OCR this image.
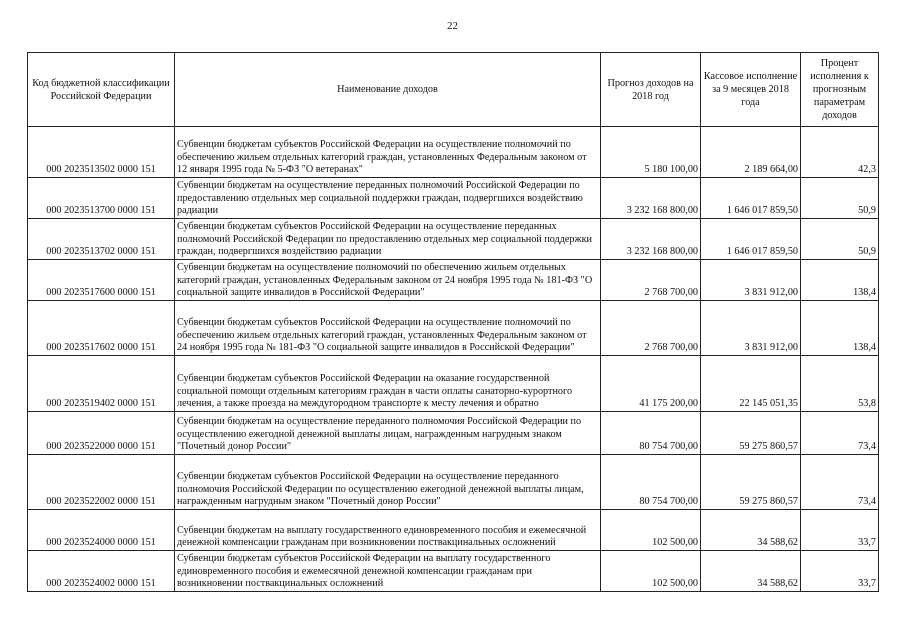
22
Код бюджетной классификации Российской Федерации	Наименование доходов	Прогноз доходов на 2018 год	Кассовое исполнение за 9 месяцев 2018 года	Процент исполнения к прогнозным параметрам доходов
000 2023513502 0000 151	Субвенции бюджетам субъектов Российской Федерации на осуществление полномочий по обеспечению жильем отдельных категорий граждан, установленных Федеральным законом от 12 января 1995 года № 5-ФЗ "О ветеранах"	5 180 100,00	2 189 664,00	42,3
000 2023513700 0000 151	Субвенции бюджетам на осуществление переданных полномочий Российской Федерации по предоставлению отдельных мер социальной поддержки граждан, подвергшихся воздействию радиации	3 232 168 800,00	1 646 017 859,50	50,9
000 2023513702 0000 151	Субвенции бюджетам субъектов Российской Федерации на осуществление переданных полномочий Российской Федерации по предоставлению отдельных мер социальной поддержки граждан, подвергшихся воздействию радиации	3 232 168 800,00	1 646 017 859,50	50,9
000 2023517600 0000 151	Субвенции бюджетам на осуществление полномочий по обеспечению жильем отдельных категорий граждан, установленных Федеральным законом от 24 ноября 1995 года № 181-ФЗ "О социальной защите инвалидов в Российской Федерации"	2 768 700,00	3 831 912,00	138,4
000 2023517602 0000 151	Субвенции бюджетам субъектов Российской Федерации на осуществление полномочий по обеспечению жильем отдельных категорий граждан, установленных Федеральным законом от 24 ноября 1995 года № 181-ФЗ "О социальной защите инвалидов в Российской Федерации"	2 768 700,00	3 831 912,00	138,4
000 2023519402 0000 151	Субвенции бюджетам субъектов Российской Федерации на оказание государственной социальной помощи отдельным категориям граждан в части оплаты санаторно-курортного лечения, а также проезда на междугородном транспорте к месту лечения и обратно	41 175 200,00	22 145 051,35	53,8
000 2023522000 0000 151	Субвенции бюджетам на осуществление переданного полномочия Российской Федерации по осуществлению ежегодной денежной выплаты лицам, награжденным нагрудным знаком "Почетный донор России"	80 754 700,00	59 275 860,57	73,4
000 2023522002 0000 151	Субвенции бюджетам субъектов Российской Федерации на осуществление переданного полномочия Российской Федерации по осуществлению ежегодной денежной выплаты лицам, награжденным нагрудным знаком "Почетный донор России"	80 754 700,00	59 275 860,57	73,4
000 2023524000 0000 151	Субвенции бюджетам на выплату государственного единовременного пособия и ежемесячной денежной компенсации гражданам при возникновении поствакцинальных осложнений	102 500,00	34 588,62	33,7
000 2023524002 0000 151	Субвенции бюджетам субъектов Российской Федерации на выплату государственного единовременного пособия и ежемесячной денежной компенсации гражданам при возникновении поствакцинальных осложнений	102 500,00	34 588,62	33,7
